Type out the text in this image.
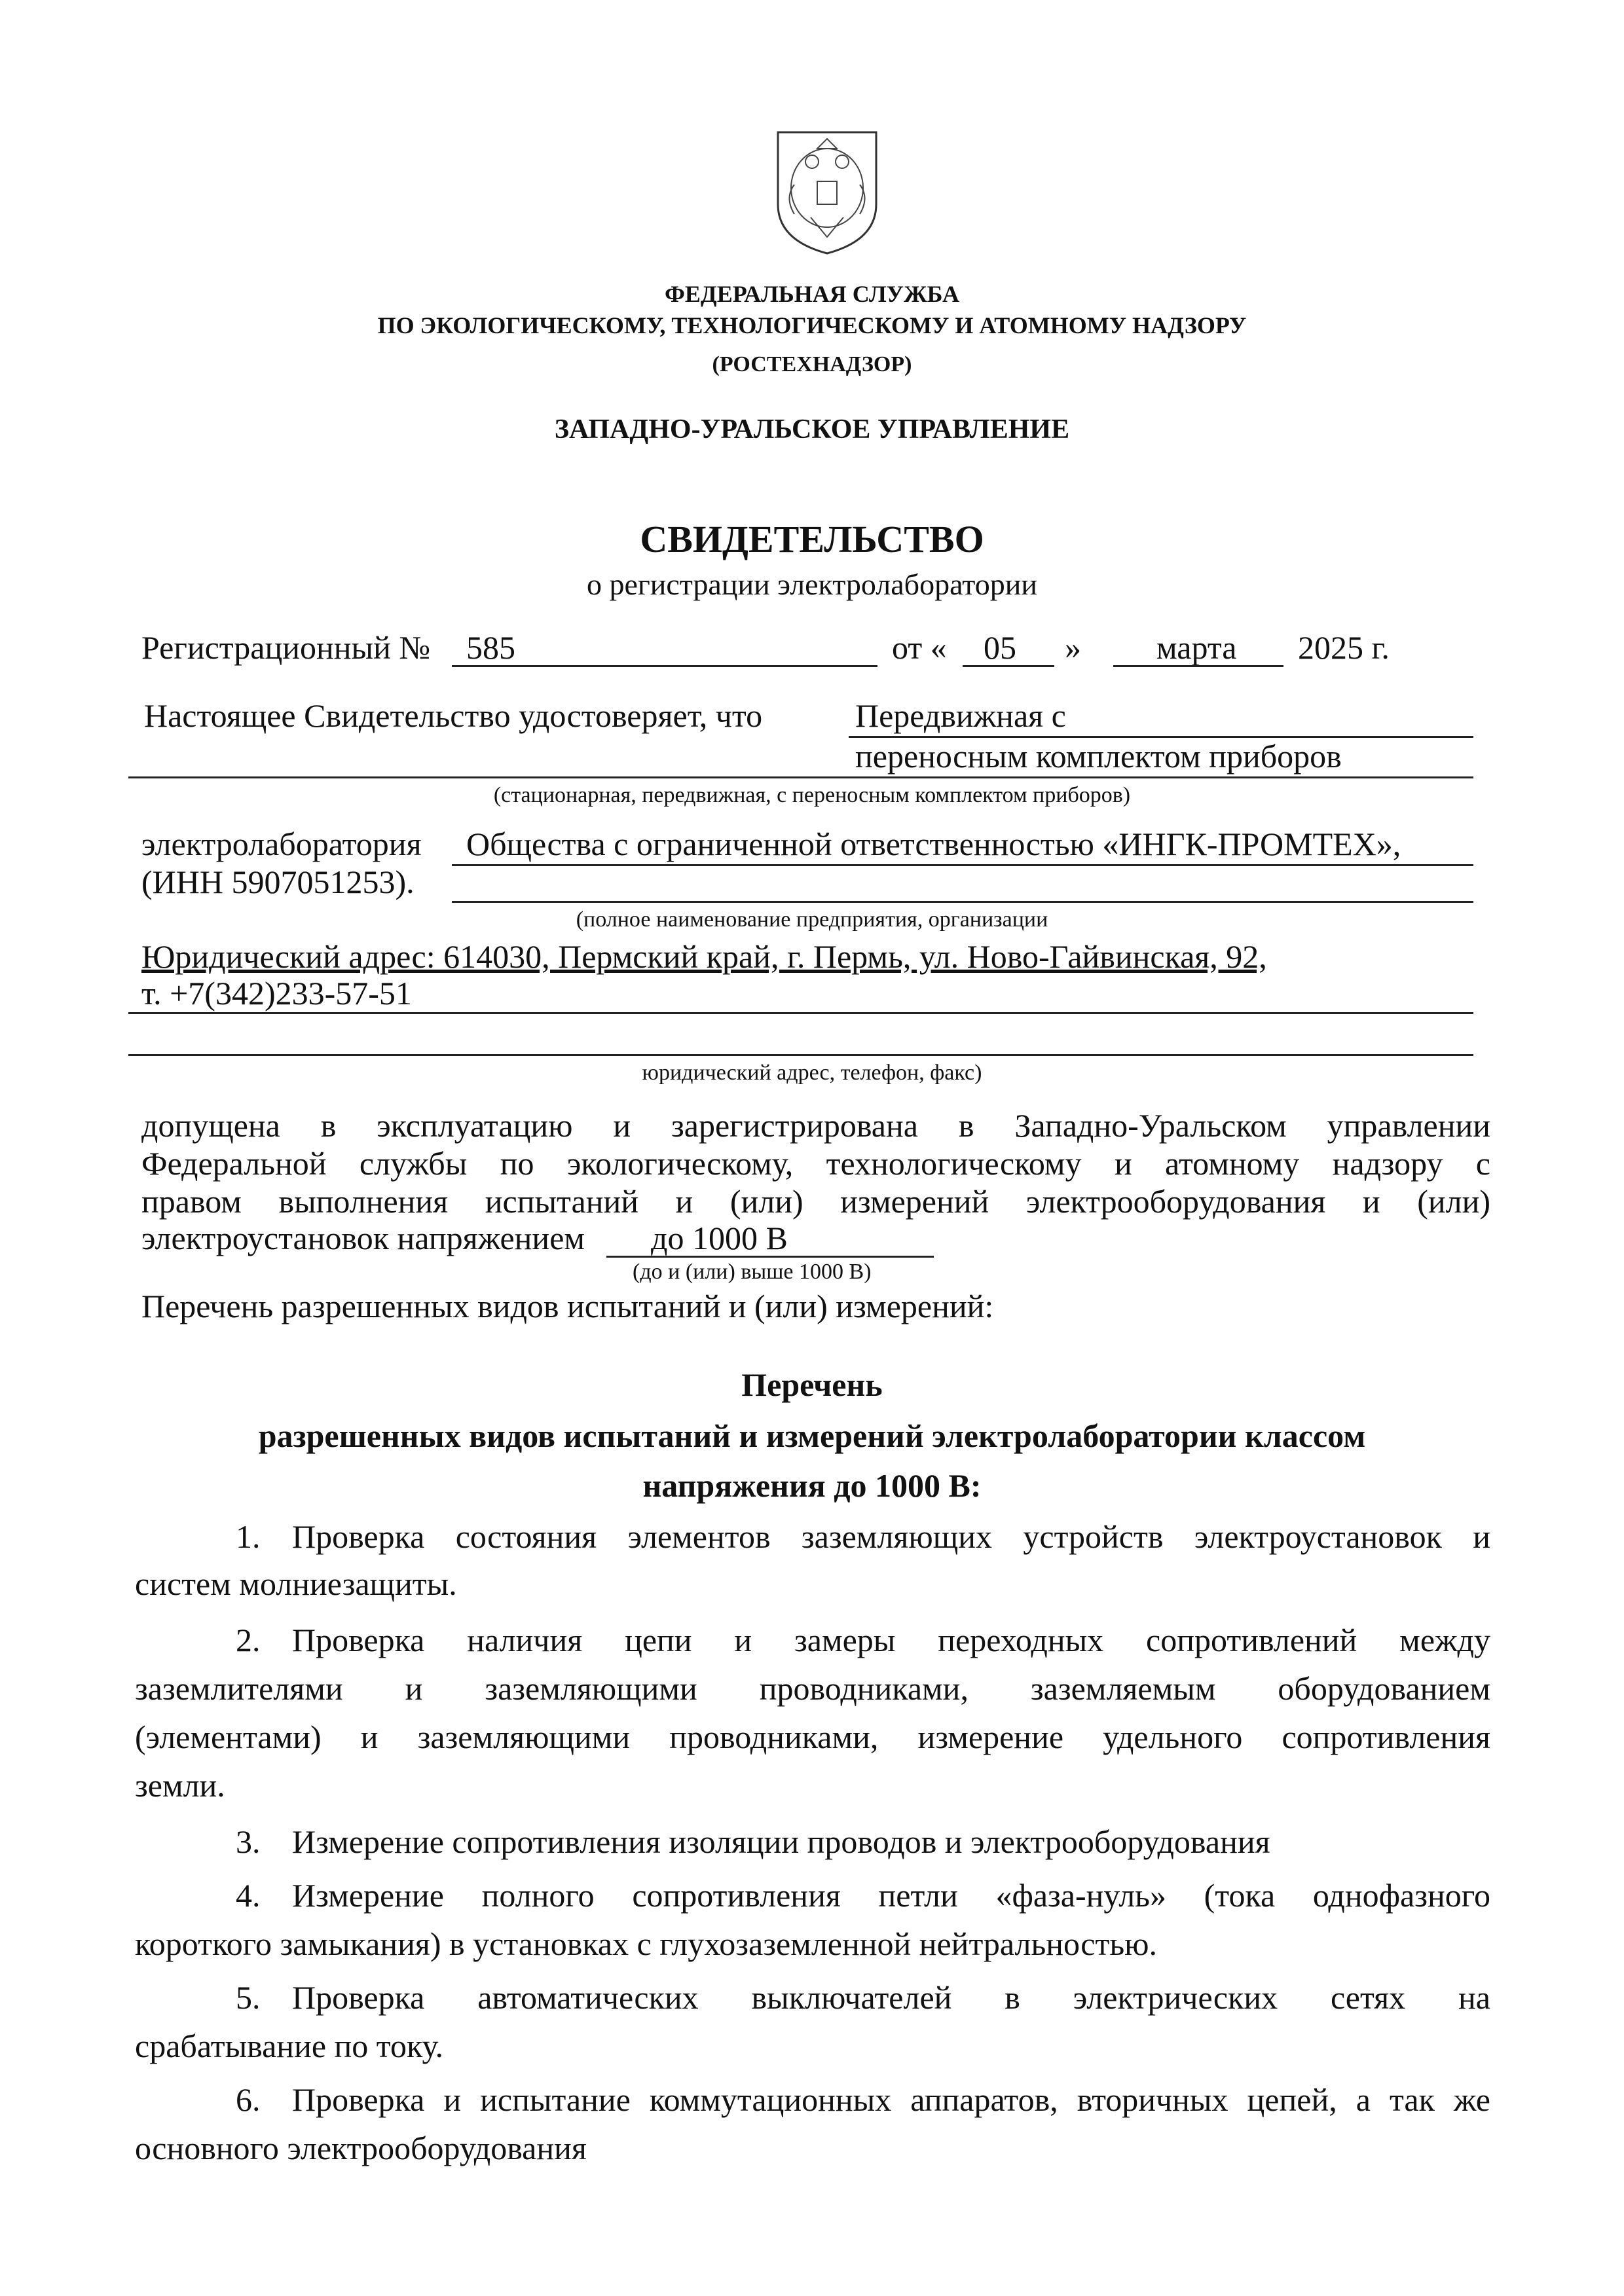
ФЕДЕРАЛЬНАЯ СЛУЖБА
ПО ЭКОЛОГИЧЕСКОМУ, ТЕХНОЛОГИЧЕСКОМУ И АТОМНОМУ НАДЗОРУ
(РОСТЕХНАДЗОР)
ЗАПАДНО-УРАЛЬСКОЕ УПРАВЛЕНИЕ
СВИДЕТЕЛЬСТВО
о регистрации электролаборатории
Регистрационный № 585	от « 05 » марта 2025 г.
Настоящее Свидетельство удостоверяет, что	Передвижная с
переносным комплектом приборов
(стационарная, передвижная, с переносным комплектом приборов)
электролаборатория Общества с ограниченной ответственностью «ИНГК-ПРОМТЕХ»,
(ИНН 5907051253).
(полное наименование предприятия, организации
Юридический адрес: 614030, Пермский край, г. Пермь, ул. Ново-Гайвинская, 92,
т. +7(342)233-57-51
юридический адрес, телефон, факс)
допущена в эксплуатацию и зарегистрирована в Западно-Уральском управлении
Федеральной службы по экологическому, технологическому и атомному надзору с
правом выполнения испытаний и (или) измерений электрооборудования и (или)
электроустановок напряжением до 1000 В
(до и (или) выше 1000 В)
Перечень разрешенных видов испытаний и (или) измерений:
Перечень
разрешенных видов испытаний и измерений электролаборатории классом
напряжения до 1000 В:
1. Проверка состояния элементов заземляющих устройств электроустановок и
систем молниезащиты.
2. Проверка наличия цепи и замеры переходных сопротивлений между
заземлителями и заземляющими проводниками, заземляемым оборудованием
(элементами) и заземляющими проводниками, измерение удельного сопротивления
земли.
3. Измерение сопротивления изоляции проводов и электрооборудования
4. Измерение полного сопротивления петли «фаза-нуль» (тока однофазного
короткого замыкания) в установках с глухозаземленной нейтральностью.
5. Проверка автоматических выключателей в электрических сетях на
срабатывание по току.
6. Проверка и испытание коммутационных аппаратов, вторичных цепей, а так же
основного электрооборудования
